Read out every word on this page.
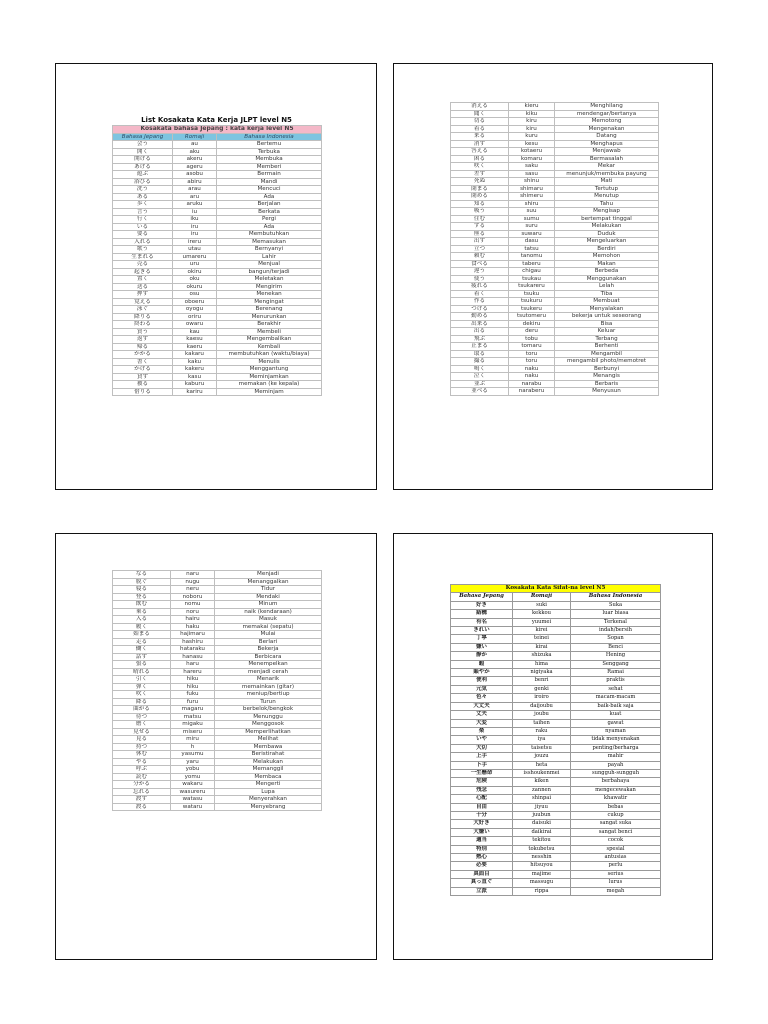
List Kosakata Kata Kerja JLPT level N5
Kosakata bahasa Jepang : kata kerja level N5		
Bahasa Jepang	Romaji	Bahasa Indonesia
会う	au	Bertemu
開く	aku	Terbuka
開ける	akeru	Membuka
あげる	ageru	Memberi
遊ぶ	asobu	Bermain
浴びる	abiru	Mandi
洗う	arau	Mencuci
ある	aru	Ada
歩く	aruku	Berjalan
言う	iu	Berkata
行く	iku	Pergi
いる	iru	Ada
要る	iru	Membutuhkan
入れる	ireru	Memasukan
歌う	utau	Bernyanyi
生まれる	umareru	Lahir
売る	uru	Menjual
起きる	okiru	bangun/terjadi
置く	oku	Meletakan
送る	okuru	Mengirim
押す	osu	Menekan
覚える	oboeru	Mengingat
泳ぐ	oyogu	Berenang
降りる	oriru	Menurunkan
終わる	owaru	Berakhir
買う	kau	Membeli
返す	kaesu	Mengembalikan
帰る	kaeru	Kembali
かかる	kakaru	membutuhkan (waktu/biaya)
書く	kaku	Menulis
かける	kakeru	Menggantung
貸す	kasu	Meminjamkan
被る	kaburu	memakan (ke kepala)
借りる	kariru	Meminjam
消える	kieru	Menghilang
聞く	kiku	mendengar/bertanya
切る	kiru	Memotong
着る	kiru	Mengenakan
来る	kuru	Datang
消す	kesu	Menghapus
答える	kotaeru	Menjawab
困る	komaru	Bermasalah
咲く	saku	Mekar
差す	sasu	menunjuk/membuka payung
死ぬ	shinu	Mati
閉まる	shimaru	Tertutup
閉める	shimeru	Menutup
知る	shiru	Tahu
吸う	suu	Mengisap
住む	sumu	bertempat tinggal
する	suru	Melakukan
座る	suwaru	Duduk
出す	dasu	Mengeluarkan
立つ	tatsu	Berdiri
頼む	tanomu	Memohon
食べる	taberu	Makan
違う	chigau	Berbeda
使う	tsukau	Menggunakan
疲れる	tsukareru	Lelah
着く	tsuku	Tiba
作る	tsukuru	Membuat
つける	tsukeru	Menyalakan
勤める	tsutomeru	bekerja untuk seseorang
出来る	dekiru	Bisa
出る	deru	Keluar
飛ぶ	tobu	Terbang
止まる	tomaru	Berhenti
取る	toru	Mengambil
撮る	toru	mengambil photo/memotret
鳴く	naku	Berbunyi
泣く	naku	Menangis
並ぶ	narabu	Berbaris
並べる	naraberu	Menyusun
なる	naru	Menjadi
脱ぐ	nugu	Menanggalkan
寝る	neru	Tidur
登る	noboru	Mendaki
飲む	nomu	Minum
乗る	noru	naik (kendaraan)
入る	hairu	Masuk
履く	haku	memakai (sepatu)
始まる	hajimaru	Mulai
走る	hashiru	Berlari
働く	hataraku	Bekerja
話す	hanasu	Berbicara
張る	haru	Menempelkan
晴れる	hareru	menjadi cerah
引く	hiku	Menarik
弾く	hiku	memainkan (gitar)
吹く	fuku	meniup/bertiup
降る	furu	Turun
曲がる	magaru	berbelok/bengkok
待つ	matsu	Menunggu
磨く	migaku	Menggosok
見せる	miseru	Memperlihatkan
見る	miru	Melihat
持つ	h	Membawa
休む	yasumu	Beristirahat
やる	yaru	Melakukan
呼ぶ	yobu	Memanggil
読む	yomu	Membaca
分かる	wakaru	Mengerti
忘れる	wasureru	Lupa
渡す	watasu	Menyerahkan
渡る	wataru	Menyebrang
Kosakata Kata Sifat-na level N5		
Bahasa Jepang	Romaji	Bahasa Indonesia
好き	suki	Suka
結構	kekkou	luar biasa
有名	yuumei	Terkenal
きれい	kirei	indah/bersih
丁寧	teinei	Sopan
嫌い	kirai	Benci
静か	shizuka	Hening
暇	hima	Senggang
賑やか	nigiyaka	Ramai
便利	benri	praktis
元気	genki	sehat
色々	iroiro	macam-macam
大丈夫	daijoubu	baik-baik saja
丈夫	joubu	kuat
大変	taihen	gawat
楽	raku	nyaman
いや	iya	tidak menyenakan
大切	taisetsu	penting/berharga
上手	jouzu	mahir
下手	heta	payah
一生懸命	isshoukenmei	sungguh-sungguh
危険	kiken	berbahaya
残念	zannen	mengecewakan
心配	shinpai	khawatir
自由	jiyuu	bebas
十分	juubun	cukup
大好き	daisuki	sangat suka
大嫌い	daikirai	sangat benci
適当	tekitou	cocok
特別	tokubetsu	spesial
熱心	nesshin	antusias
必要	hitsuyou	perlu
真面目	majime	serius
真っ直ぐ	massugu	lurus
立派	rippa	megah
